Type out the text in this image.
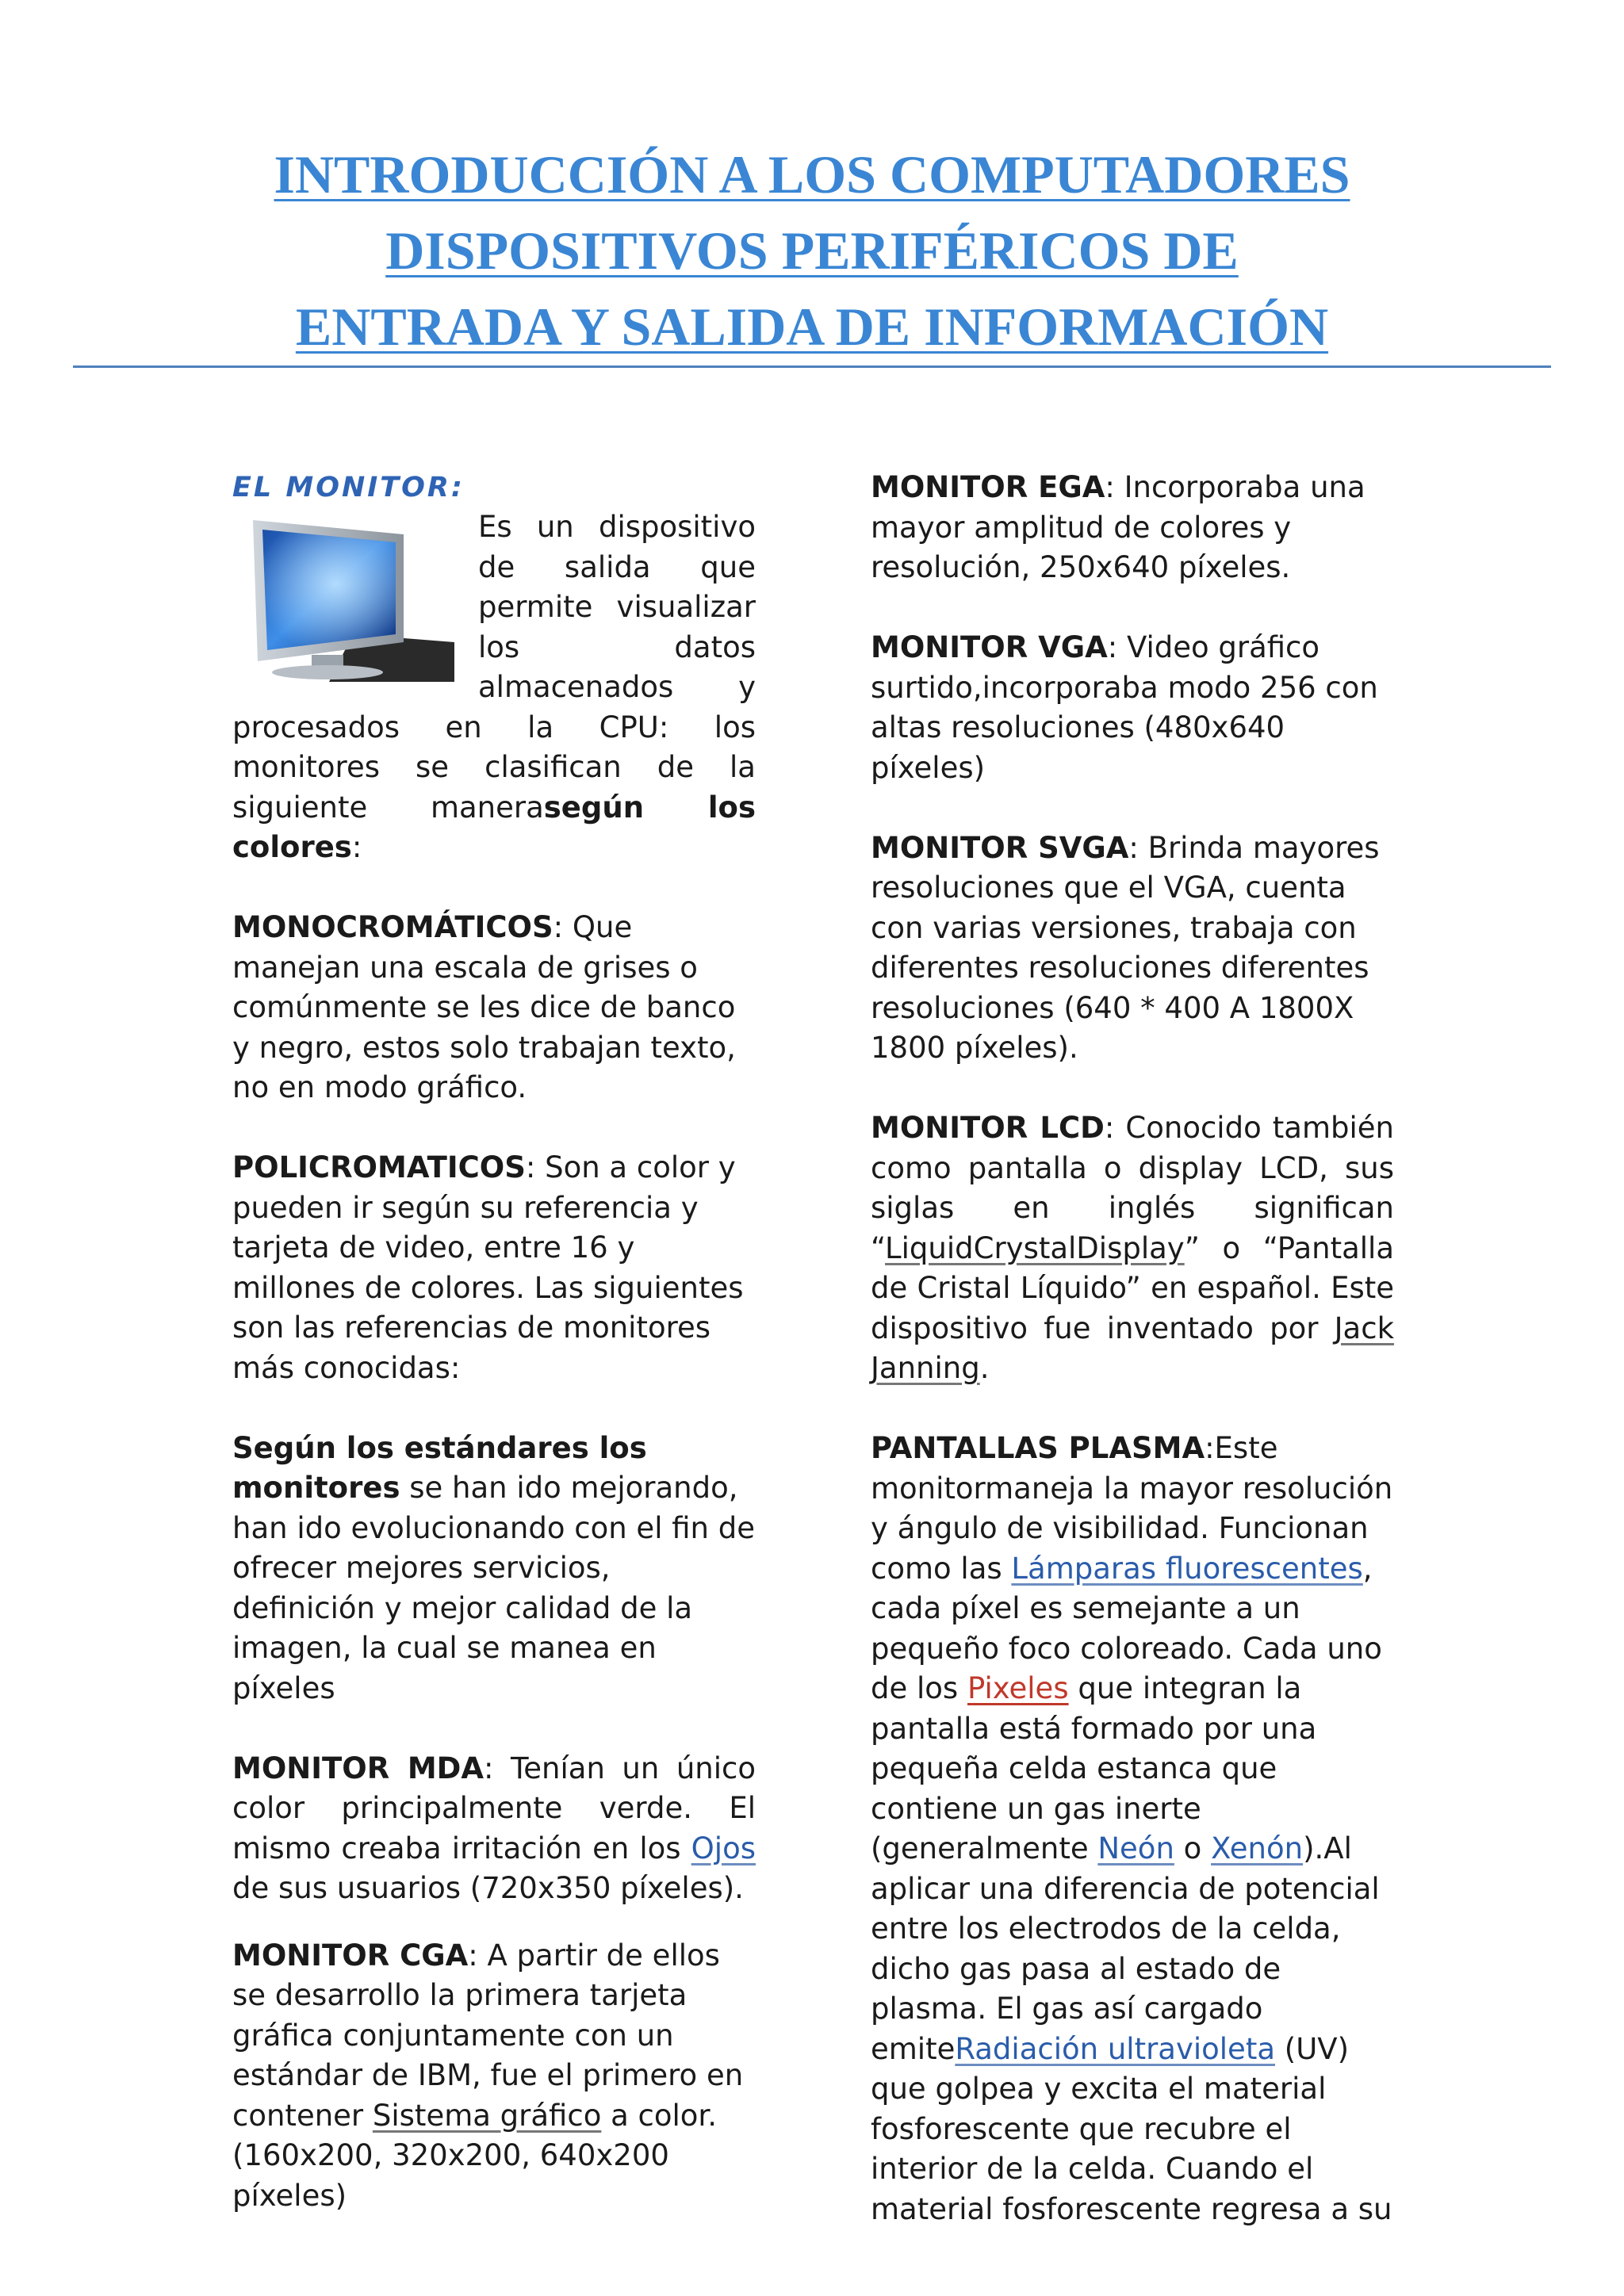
INTRODUCCIÓN A LOS COMPUTADORES
DISPOSITIVOS PERIFÉRICOS DE
ENTRADA Y SALIDA DE INFORMACIÓN

EL MONITOR:

Es un dispositivo de salida que permite visualizar los datos almacenados y procesados en la CPU: los monitores se clasifican de la siguiente manerasegún los colores:

MONOCROMÁTICOS: Que manejan una escala de grises o comúnmente se les dice de banco y negro, estos solo trabajan texto, no en modo gráfico.

POLICROMATICOS: Son a color y pueden ir según su referencia y tarjeta de video, entre 16 y millones de colores. Las siguientes son las referencias de monitores más conocidas:

Según los estándares los monitores se han ido mejorando, han ido evolucionando con el fin de ofrecer mejores servicios, definición y mejor calidad de la imagen, la cual se manea en píxeles

MONITOR MDA: Tenían un único color principalmente verde. El mismo creaba irritación en los Ojos de sus usuarios (720x350 píxeles).

MONITOR CGA: A partir de ellos se desarrollo la primera tarjeta gráfica conjuntamente con un estándar de IBM, fue el primero en contener Sistema gráfico a color. (160x200, 320x200, 640x200 píxeles)

MONITOR EGA: Incorporaba una mayor amplitud de colores y resolución, 250x640 píxeles.

MONITOR VGA: Video gráfico surtido,incorporaba modo 256 con altas resoluciones (480x640 píxeles)

MONITOR SVGA: Brinda mayores resoluciones que el VGA, cuenta con varias versiones, trabaja con diferentes resoluciones diferentes resoluciones (640 * 400 A 1800X 1800 píxeles).

MONITOR LCD: Conocido también como pantalla o display LCD, sus siglas en inglés significan “LiquidCrystalDisplay” o “Pantalla de Cristal Líquido” en español. Este dispositivo fue inventado por Jack Janning.

PANTALLAS PLASMA:Este monitormaneja la mayor resolución y ángulo de visibilidad. Funcionan como las Lámparas fluorescentes, cada píxel es semejante a un pequeño foco coloreado. Cada uno de los Pixeles que integran la pantalla está formado por una pequeña celda estanca que contiene un gas inerte (generalmente Neón o Xenón).Al aplicar una diferencia de potencial entre los electrodos de la celda, dicho gas pasa al estado de plasma. El gas así cargado emiteRadiación ultravioleta (UV) que golpea y excita el material fosforescente que recubre el interior de la celda. Cuando el material fosforescente regresa a su
